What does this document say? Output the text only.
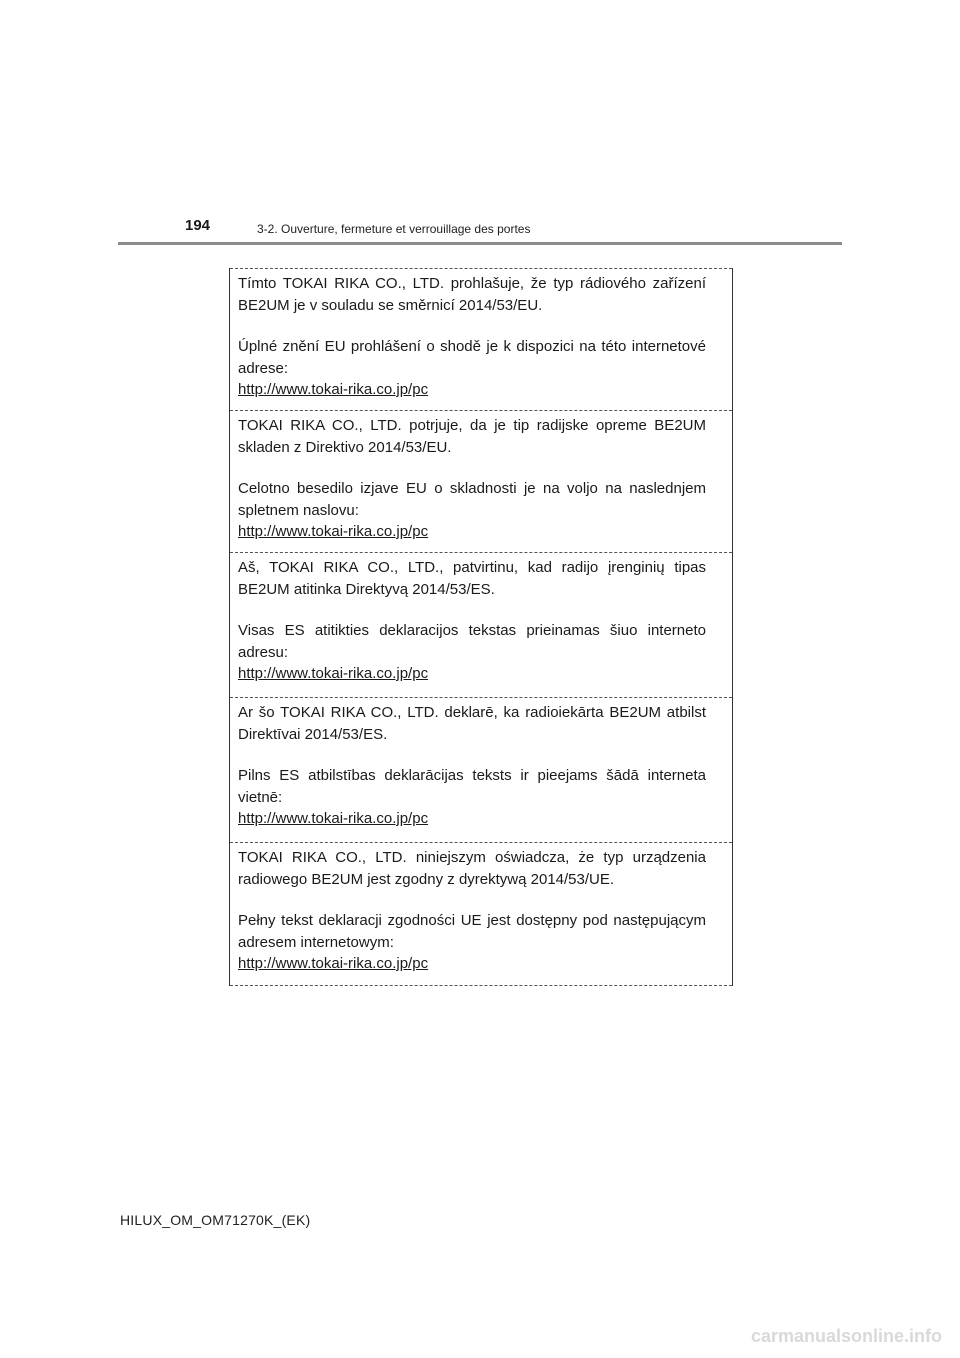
194	3-2. Ouverture, fermeture et verrouillage des portes

Tímto TOKAI RIKA CO., LTD. prohlašuje, že typ rádiového zařízení BE2UM je v souladu se směrnicí 2014/53/EU.

Úplné znění EU prohlášení o shodě je k dispozici na této internetové adrese:

http://www.tokai-rika.co.jp/pc

TOKAI RIKA CO., LTD. potrjuje, da je tip radijske opreme BE2UM skladen z Direktivo 2014/53/EU.

Celotno besedilo izjave EU o skladnosti je na voljo na naslednjem spletnem naslovu:

http://www.tokai-rika.co.jp/pc

Aš, TOKAI RIKA CO., LTD., patvirtinu, kad radijo įrenginių tipas BE2UM atitinka Direktyvą 2014/53/ES.

Visas ES atitikties deklaracijos tekstas prieinamas šiuo interneto adresu:

http://www.tokai-rika.co.jp/pc

Ar šo TOKAI RIKA CO., LTD. deklarē, ka radioiekārta BE2UM atbilst Direktīvai 2014/53/ES.

Pilns ES atbilstības deklarācijas teksts ir pieejams šādā interneta vietnē:

http://www.tokai-rika.co.jp/pc

TOKAI RIKA CO., LTD. niniejszym oświadcza, że typ urządzenia radiowego BE2UM jest zgodny z dyrektywą 2014/53/UE.

Pełny tekst deklaracji zgodności UE jest dostępny pod następującym adresem internetowym:

http://www.tokai-rika.co.jp/pc
HILUX_OM_OM71270K_(EK)
carmanualsonline.info
